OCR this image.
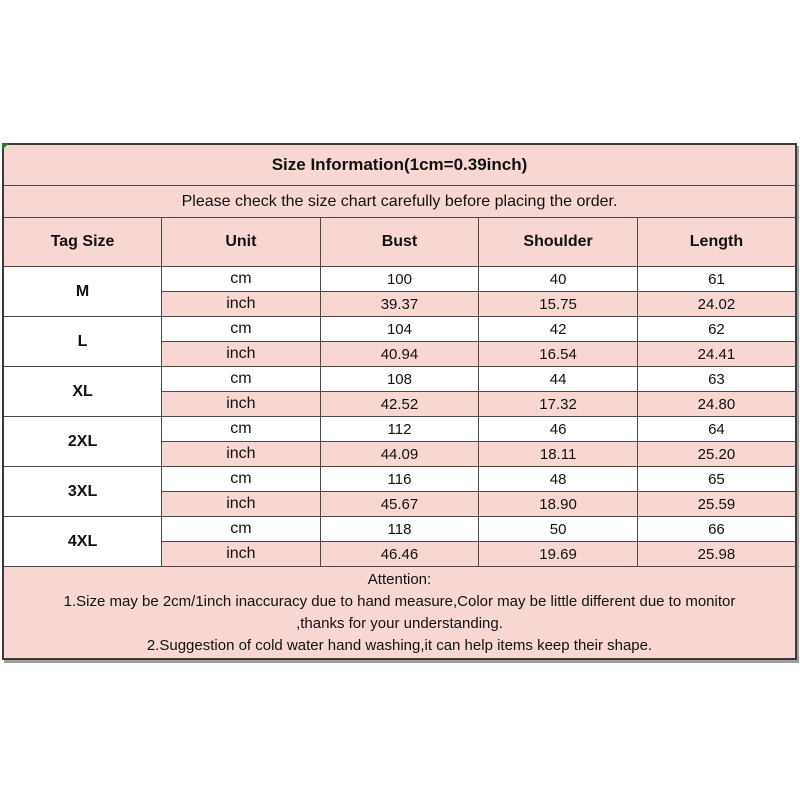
Size Information(1cm=0.39inch)				
Please check the size chart carefully before placing the order.				
Tag Size	Unit	Bust	Shoulder	Length
M	cm	100	40	61
	inch	39.37	15.75	24.02
L	cm	104	42	62
	inch	40.94	16.54	24.41
XL	cm	108	44	63
	inch	42.52	17.32	24.80
2XL	cm	112	46	64
	inch	44.09	18.11	25.20
3XL	cm	116	48	65
	inch	45.67	18.90	25.59
4XL	cm	118	50	66
	inch	46.46	19.69	25.98

Attention:
1.Size may be 2cm/1inch inaccuracy due to hand measure,Color may be little different due to monitor
,thanks for your understanding.
2.Suggestion of cold water hand washing,it can help items keep their shape.				
